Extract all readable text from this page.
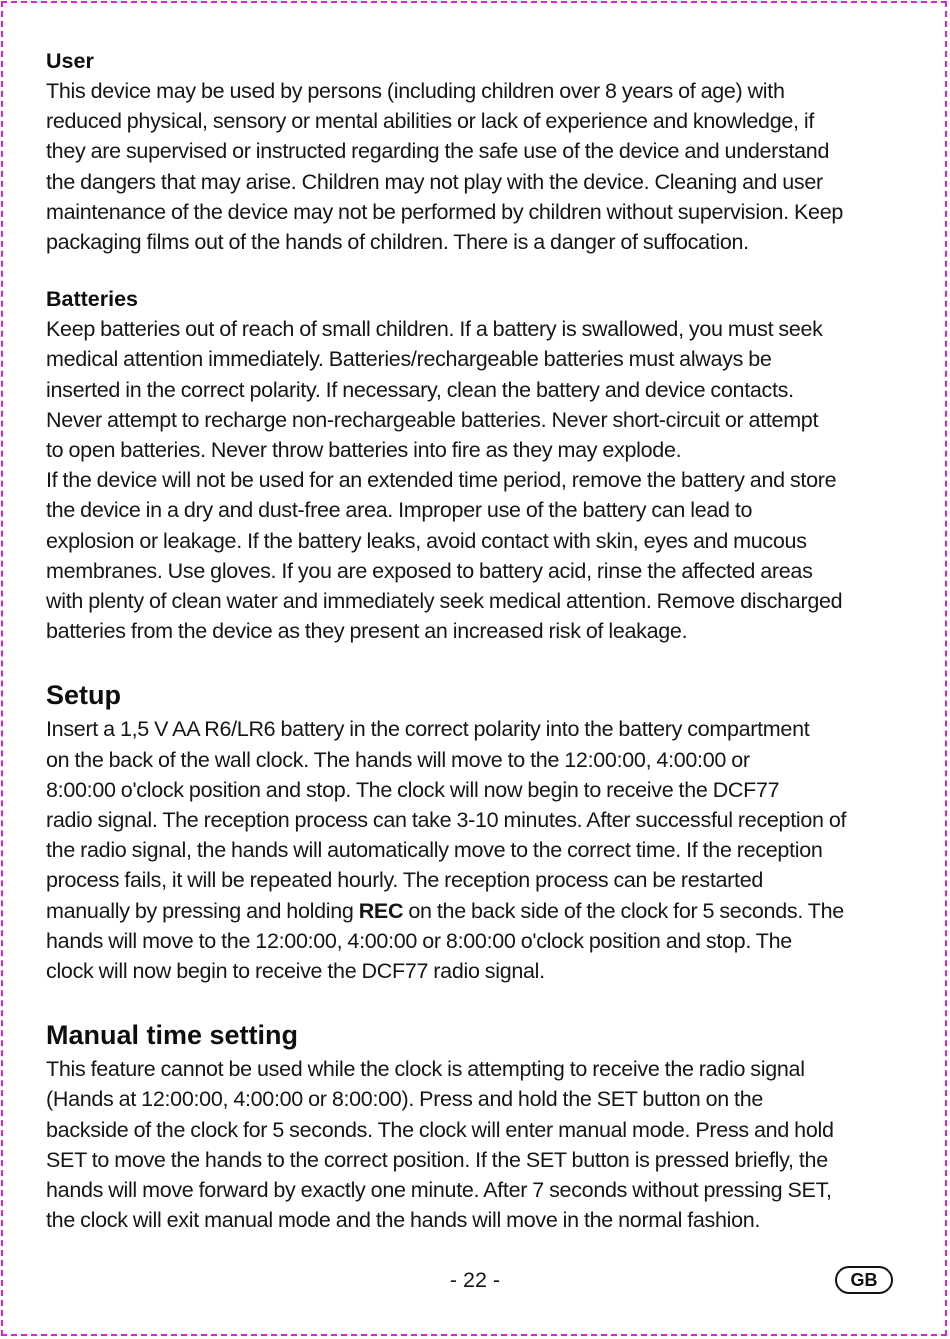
User

This device may be used by persons (including children over 8 years of age) with
reduced physical, sensory or mental abilities or lack of experience and knowledge, if
they are supervised or instructed regarding the safe use of the device and understand
the dangers that may arise. Children may not play with the device. Cleaning and user
maintenance of the device may not be performed by children without supervision. Keep
packaging films out of the hands of children. There is a danger of suffocation.

Batteries

Keep batteries out of reach of small children. If a battery is swallowed, you must seek
medical attention immediately. Batteries/rechargeable batteries must always be
inserted in the correct polarity. If necessary, clean the battery and device contacts.
Never attempt to recharge non-rechargeable batteries. Never short-circuit or attempt
to open batteries. Never throw batteries into fire as they may explode.
If the device will not be used for an extended time period, remove the battery and store
the device in a dry and dust-free area. Improper use of the battery can lead to
explosion or leakage. If the battery leaks, avoid contact with skin, eyes and mucous
membranes. Use gloves. If you are exposed to battery acid, rinse the affected areas
with plenty of clean water and immediately seek medical attention. Remove discharged
batteries from the device as they present an increased risk of leakage.

Setup

Insert a 1,5 V AA R6/LR6 battery in the correct polarity into the battery compartment
on the back of the wall clock. The hands will move to the 12:00:00, 4:00:00 or
8:00:00 o'clock position and stop. The clock will now begin to receive the DCF77
radio signal. The reception process can take 3-10 minutes. After successful reception of
the radio signal, the hands will automatically move to the correct time. If the reception
process fails, it will be repeated hourly. The reception process can be restarted
manually by pressing and holding REC on the back side of the clock for 5 seconds. The
hands will move to the 12:00:00, 4:00:00 or 8:00:00 o'clock position and stop. The
clock will now begin to receive the DCF77 radio signal.

Manual time setting

This feature cannot be used while the clock is attempting to receive the radio signal
(Hands at 12:00:00, 4:00:00 or 8:00:00). Press and hold the SET button on the
backside of the clock for 5 seconds. The clock will enter manual mode. Press and hold
SET to move the hands to the correct position. If the SET button is pressed briefly, the
hands will move forward by exactly one minute. After 7 seconds without pressing SET,
the clock will exit manual mode and the hands will move in the normal fashion.

- 22 -	GB
